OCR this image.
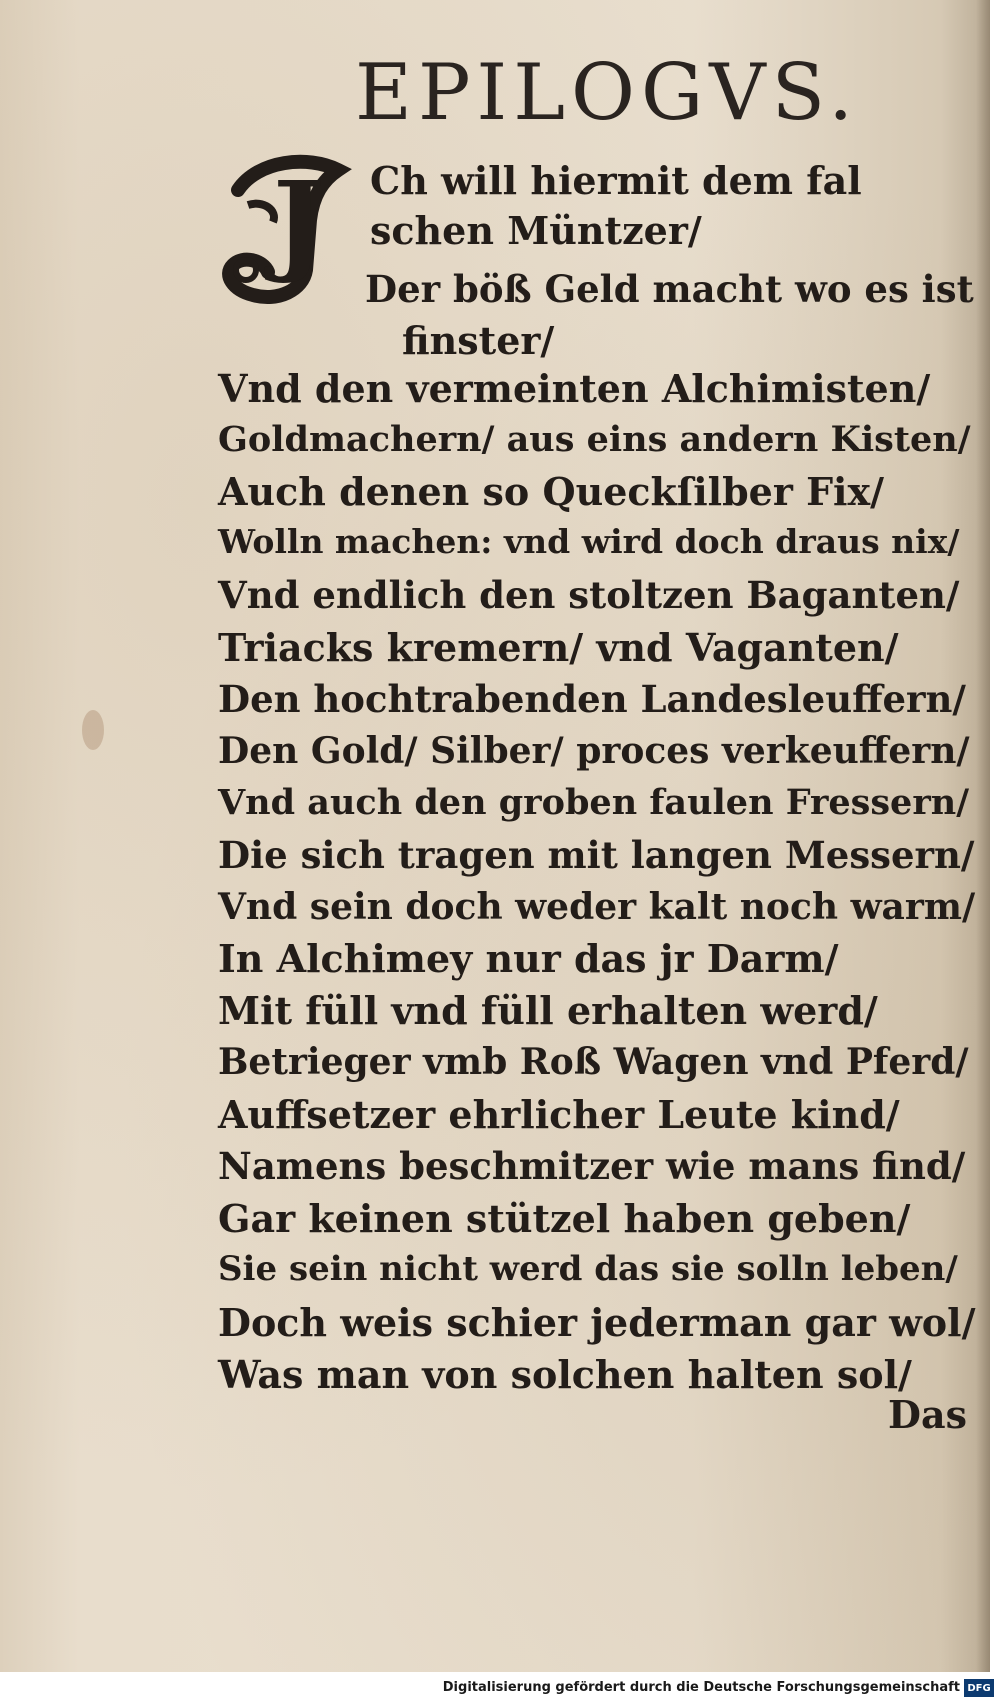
EPILOGVS.
J Ch will hiermit dem fal
schen Müntzer/
Der böß Geld macht wo es ist
finster/
Vnd den vermeinten Alchimisten/
Goldmachern/ aus eins andern Kisten/
Auch denen so Queckſilber Fix/
Wolln machen: vnd wird doch draus nix/
Vnd endlich den stoltzen Baganten/
Triacks kremern/ vnd Vaganten/
Den hochtrabenden Landesleuffern/
Den Gold/ Silber/ proces verkeuffern/
Vnd auch den groben faulen Fressern/
Die sich tragen mit langen Messern/
Vnd sein doch weder kalt noch warm/
In Alchimey nur das jr Darm/
Mit füll vnd füll erhalten werd/
Betrieger vmb Roß Wagen vnd Pferd/
Auffsetzer ehrlicher Leute kind/
Namens beschmitzer wie mans find/
Gar keinen stützel haben geben/
Sie sein nicht werd das sie solln leben/
Doch weis schier jederman gar wol/
Was man von solchen halten sol/
Das
Digitalisierung gefördert durch die Deutsche Forschungsgemeinschaft DFG
